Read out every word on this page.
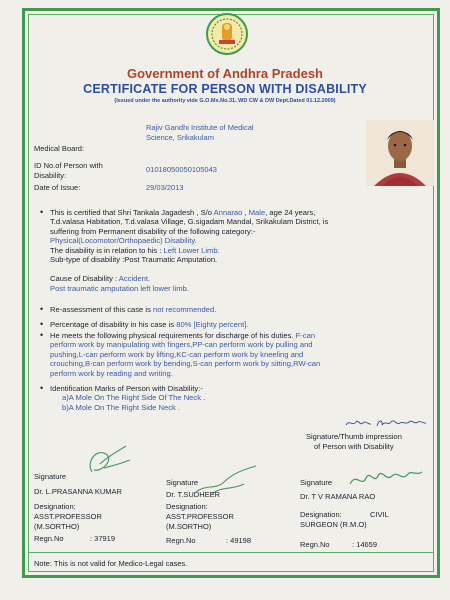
Government of Andhra Pradesh
CERTIFICATE FOR PERSON WITH DISABILITY
(Issued under the authority vide G.O.Ms.No.31, WD CW & DW Dept.Dated 01.12.2009)
Medical Board:
Rajiv Gandhi Institute of Medical
Science, Srikakulam
ID No.of Person with
Disability:
01018050050105043
Date of Issue:	29/03/2013
• This is certified that Shri Tankala Jagadesh , S/o Annarao , Male, age 24 years,
T.d.valasa Habitation, T.d.valasa Village, G.sigadam Mandal, Srikakulam District, is
suffering from Permanent disability of the following category:-
Physical(Locomotor/Orthopaedic) Disability.
The disability is in relation to his : Left Lower Limb.
Sub-type of disability :Post Traumatic Amputation.
Cause of Disability : Accident.
Post traumatic amputation left lower limb.
• Re-assessment of this case is not recommended.
• Percentage of disability in his case is 80% [Eighty percent].
• He meets the following physical requirements for discharge of his duties. F-can
perform work by manipulating with fingers,PP-can perform work by pulling and
pushing,L-can perform work by lifting,KC-can perform work by kneeling and
crouching,B-can perform work by bending,S-can perform work by sitting,RW-can
perform work by reading and writing.
• Identification Marks of Person with Disability:-
a)A Mole On The Right Side Of The Neck .
b)A Mole On The Right Side Neck .
Signature/Thumb impression
of Person with Disability
Signature
Dr. L.PRASANNA KUMAR
Designation:
ASST.PROFESSOR
(M.SORTHO)
Regn.No	: 37919
Signature
Dr. T.SUDHEER
Designation:
ASST.PROFESSOR
(M.SORTHO)
Regn.No	: 49198
Signature
Dr. T V RAMANA RAO
Designation:	CIVIL
SURGEON (R.M.O)
Regn.No	: 14659
Note: This is not valid for Medico-Legal cases.
